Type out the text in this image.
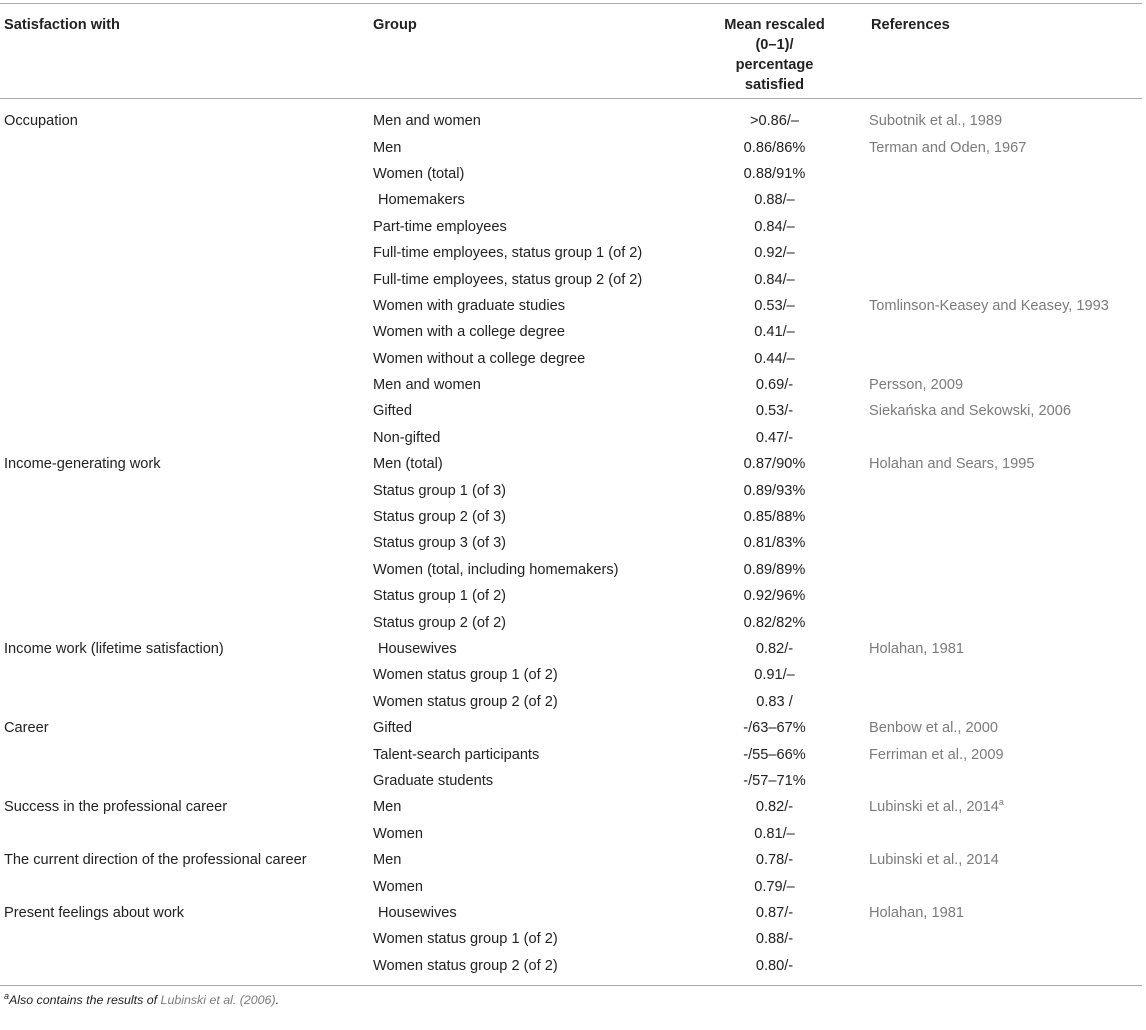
Satisfaction with	Group	Mean rescaled
(0–1)/
percentage
satisfied	References

Occupation	Men and women	>0.86/–	Subotnik et al., 1989
	Men	0.86/86%	Terman and Oden, 1967
	Women (total)	0.88/91%	
	Homemakers	0.88/–	
	Part-time employees	0.84/–	
	Full-time employees, status group 1 (of 2)	0.92/–	
	Full-time employees, status group 2 (of 2)	0.84/–	
	Women with graduate studies	0.53/–	Tomlinson-Keasey and Keasey, 1993
	Women with a college degree	0.41/–	
	Women without a college degree	0.44/–	
	Men and women	0.69/-	Persson, 2009
	Gifted	0.53/-	Siekańska and Sekowski, 2006
	Non-gifted	0.47/-	
Income-generating work	Men (total)	0.87/90%	Holahan and Sears, 1995
	Status group 1 (of 3)	0.89/93%	
	Status group 2 (of 3)	0.85/88%	
	Status group 3 (of 3)	0.81/83%	
	Women (total, including homemakers)	0.89/89%	
	Status group 1 (of 2)	0.92/96%	
	Status group 2 (of 2)	0.82/82%	
Income work (lifetime satisfaction)	Housewives	0.82/-	Holahan, 1981
	Women status group 1 (of 2)	0.91/–	
	Women status group 2 (of 2)	0.83 /	
Career	Gifted	-/63–67%	Benbow et al., 2000
	Talent-search participants	-/55–66%	Ferriman et al., 2009
	Graduate students	-/57–71%	
Success in the professional career	Men	0.82/-	Lubinski et al., 2014$^a$
	Women	0.81/–	
The current direction of the professional career	Men	0.78/-	Lubinski et al., 2014
	Women	0.79/–	
Present feelings about work	Housewives	0.87/-	Holahan, 1981
	Women status group 1 (of 2)	0.88/-	
	Women status group 2 (of 2)	0.80/-	

$^a$Also contains the results of Lubinski et al. (2006).
